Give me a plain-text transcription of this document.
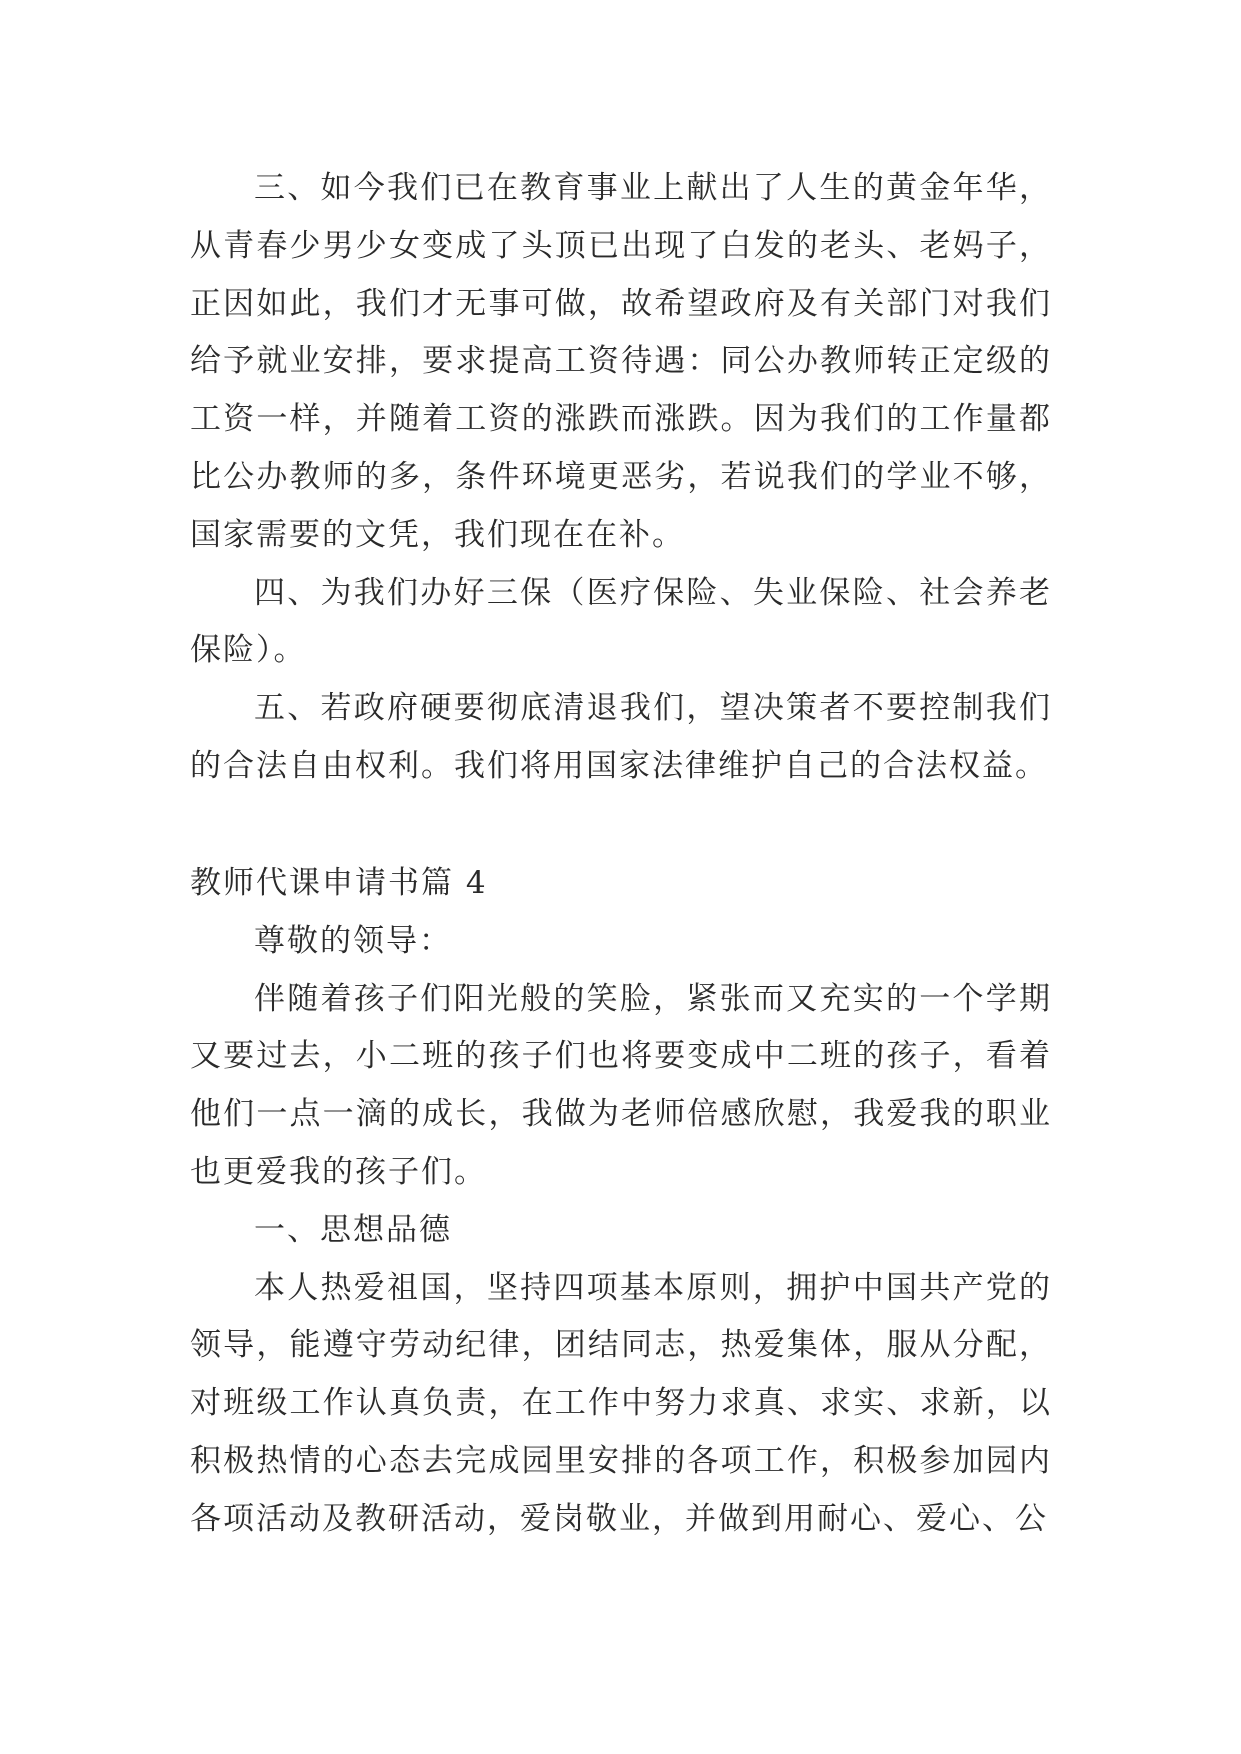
三、如今我们已在教育事业上献出了人生的黄金年华，从青春少男少女变成了头顶已出现了白发的老头、老妈子，正因如此，我们才无事可做，故希望政府及有关部门对我们给予就业安排，要求提高工资待遇：同公办教师转正定级的工资一样，并随着工资的涨跌而涨跌。因为我们的工作量都比公办教师的多，条件环境更恶劣，若说我们的学业不够，国家需要的文凭，我们现在在补。

四、为我们办好三保（医疗保险、失业保险、社会养老保险）。

五、若政府硬要彻底清退我们，望决策者不要控制我们的合法自由权利。我们将用国家法律维护自己的合法权益。

教师代课申请书篇 4

尊敬的领导：

伴随着孩子们阳光般的笑脸，紧张而又充实的一个学期又要过去，小二班的孩子们也将要变成中二班的孩子，看着他们一点一滴的成长，我做为老师倍感欣慰，我爱我的职业也更爱我的孩子们。

一、思想品德

本人热爱祖国，坚持四项基本原则，拥护中国共产党的领导，能遵守劳动纪律，团结同志，热爱集体，服从分配，对班级工作认真负责，在工作中努力求真、求实、求新，以积极热情的心态去完成园里安排的各项工作，积极参加园内各项活动及教研活动，爱岗敬业，并做到用耐心、爱心、公
